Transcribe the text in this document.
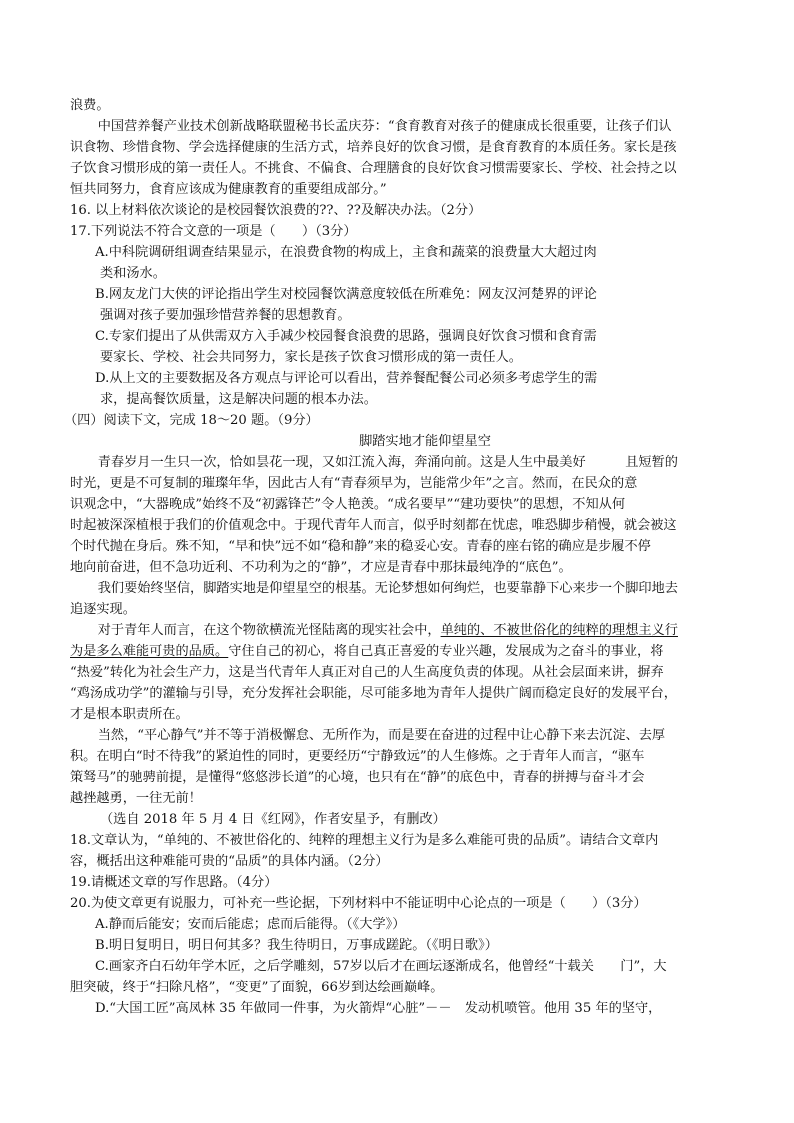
浪费。
中国营养餐产业技术创新战略联盟秘书长孟庆芬：“食育教育对孩子的健康成长很重要，让孩子们认
识食物、珍惜食物、学会选择健康的生活方式，培养良好的饮食习惯，是食育教育的本质任务。家长是孩
子饮食习惯形成的第一责任人。不挑食、不偏食、合理膳食的良好饮食习惯需要家长、学校、社会持之以
恒共同努力，食育应该成为健康教育的重要组成部分。”
16. 以上材料依次谈论的是校园餐饮浪费的??、??及解决办法。（2分）
17.下列说法不符合文意的一项是（　　）（3分）
A.中科院调研组调查结果显示，在浪费食物的构成上，主食和蔬菜的浪费量大大超过肉
类和汤水。
B.网友龙门大侠的评论指出学生对校园餐饮满意度较低在所难免：网友汉河楚界的评论
强调对孩子要加强珍惜营养餐的思想教育。
C.专家们提出了从供需双方入手减少校园餐食浪费的思路，强调良好饮食习惯和食育需
要家长、学校、社会共同努力，家长是孩子饮食习惯形成的第一责任人。
D.从上文的主要数据及各方观点与评论可以看出，营养餐配餐公司必须多考虑学生的需
求，提高餐饮质量，这是解决问题的根本办法。
（四）阅读下文，完成 18～20 题。（9分）
脚踏实地才能仰望星空
青春岁月一生只一次，恰如昙花一现，又如江流入海，奔涌向前。这是人生中最美好　　　且短暂的
时光，更是不可复制的璀璨年华，因此古人有“青春须早为，岂能常少年”之言。然而，在民众的意
识观念中，“大器晚成”始终不及“初露锋芒”令人艳羡。“成名要早”“建功要快”的思想，不知从何
时起被深深植根于我们的价值观念中。于现代青年人而言，似乎时刻都在忧虑，唯恐脚步稍慢，就会被这
个时代抛在身后。殊不知，“早和快”远不如“稳和静”来的稳妥心安。青春的座右铭的确应是步履不停
地向前奋进，但不急功近利、不功利为之的“静”，才应是青春中那抹最纯净的“底色”。
我们要始终坚信，脚踏实地是仰望星空的根基。无论梦想如何绚烂，也要靠静下心来步一个脚印地去
追逐实现。
对于青年人而言，在这个物欲横流光怪陆离的现实社会中，单纯的、不被世俗化的纯粹的理想主义行
为是多么难能可贵的品质。守住自己的初心，将自己真正喜爱的专业兴趣，发展成为之奋斗的事业，将
“热爱”转化为社会生产力，这是当代青年人真正对自己的人生高度负责的体现。从社会层面来讲，摒弃
“鸡汤成功学”的灌输与引导，充分发挥社会职能，尽可能多地为青年人提供广阔而稳定良好的发展平台，
才是根本职责所在。
当然，“平心静气”并不等于消极懈怠、无所作为，而是要在奋进的过程中让心静下来去沉淀、去厚
积。在明白“时不待我”的紧迫性的同时，更要经历“宁静致远”的人生修炼。之于青年人而言，“驱车
策驽马”的驰骋前提，是懂得“悠悠涉长道”的心境，也只有在“静”的底色中，青春的拼搏与奋斗才会
越挫越勇，一往无前！
（选自 2018 年 5 月 4 日《红网》，作者安星予，有删改）
18.文章认为，“单纯的、不被世俗化的、纯粹的理想主义行为是多么难能可贵的品质”。请结合文章内
容，概括出这种难能可贵的“品质”的具体内涵。（2分）
19.请概述文章的写作思路。（4分）
20.为使文章更有说服力，可补充一些论据，下列材料中不能证明中心论点的一项是（　　）（3分）
A.静而后能安；安而后能虑；虑而后能得。（《大学》）
B.明日复明日，明日何其多？我生待明日，万事成蹉跎。（《明日歌》）
C.画家齐白石幼年学木匠，之后学雕刻，57岁以后才在画坛逐渐成名，他曾经“十载关　　门”，大
胆突破，终于“扫除凡格”，“变更”了面貌，66岁到达绘画巅峰。
D.“大国工匠”高凤林 35 年做同一件事，为火箭焊“心脏”－－　发动机喷管。他用 35 年的坚守，
